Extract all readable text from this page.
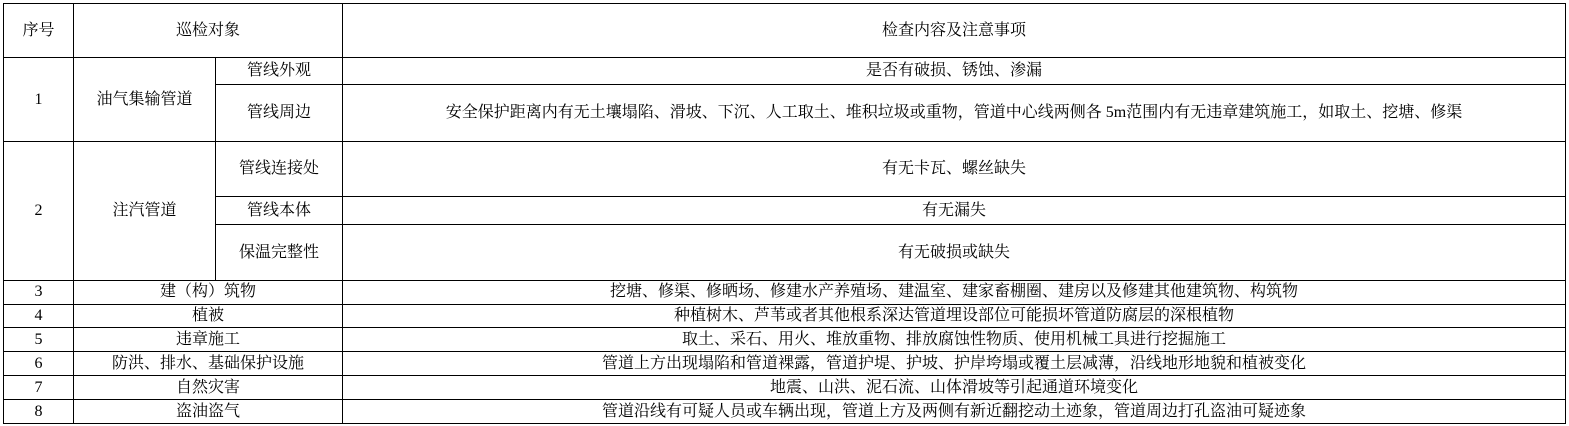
序号	巡检对象		检查内容及注意事项
1	油气集输管道	管线外观	是否有破损、锈蚀、渗漏
		管线周边	安全保护距离内有无土壤塌陷、滑坡、下沉、人工取土、堆积垃圾或重物，管道中心线两侧各 5m范围内有无违章建筑施工，如取土、挖塘、修渠
2	注汽管道	管线连接处	有无卡瓦、螺丝缺失
		管线本体	有无漏失
		保温完整性	有无破损或缺失
3	建（构）筑物		挖塘、修渠、修晒场、修建水产养殖场、建温室、建家畜棚圈、建房以及修建其他建筑物、构筑物
4	植被		种植树木、芦苇或者其他根系深达管道埋设部位可能损坏管道防腐层的深根植物
5	违章施工		取土、采石、用火、堆放重物、排放腐蚀性物质、使用机械工具进行挖掘施工
6	防洪、排水、基础保护设施		管道上方出现塌陷和管道裸露，管道护堤、护坡、护岸垮塌或覆土层减薄，沿线地形地貌和植被变化
7	自然灾害		地震、山洪、泥石流、山体滑坡等引起通道环境变化
8	盗油盗气		管道沿线有可疑人员或车辆出现，管道上方及两侧有新近翻挖动土迹象，管道周边打孔盗油可疑迹象
